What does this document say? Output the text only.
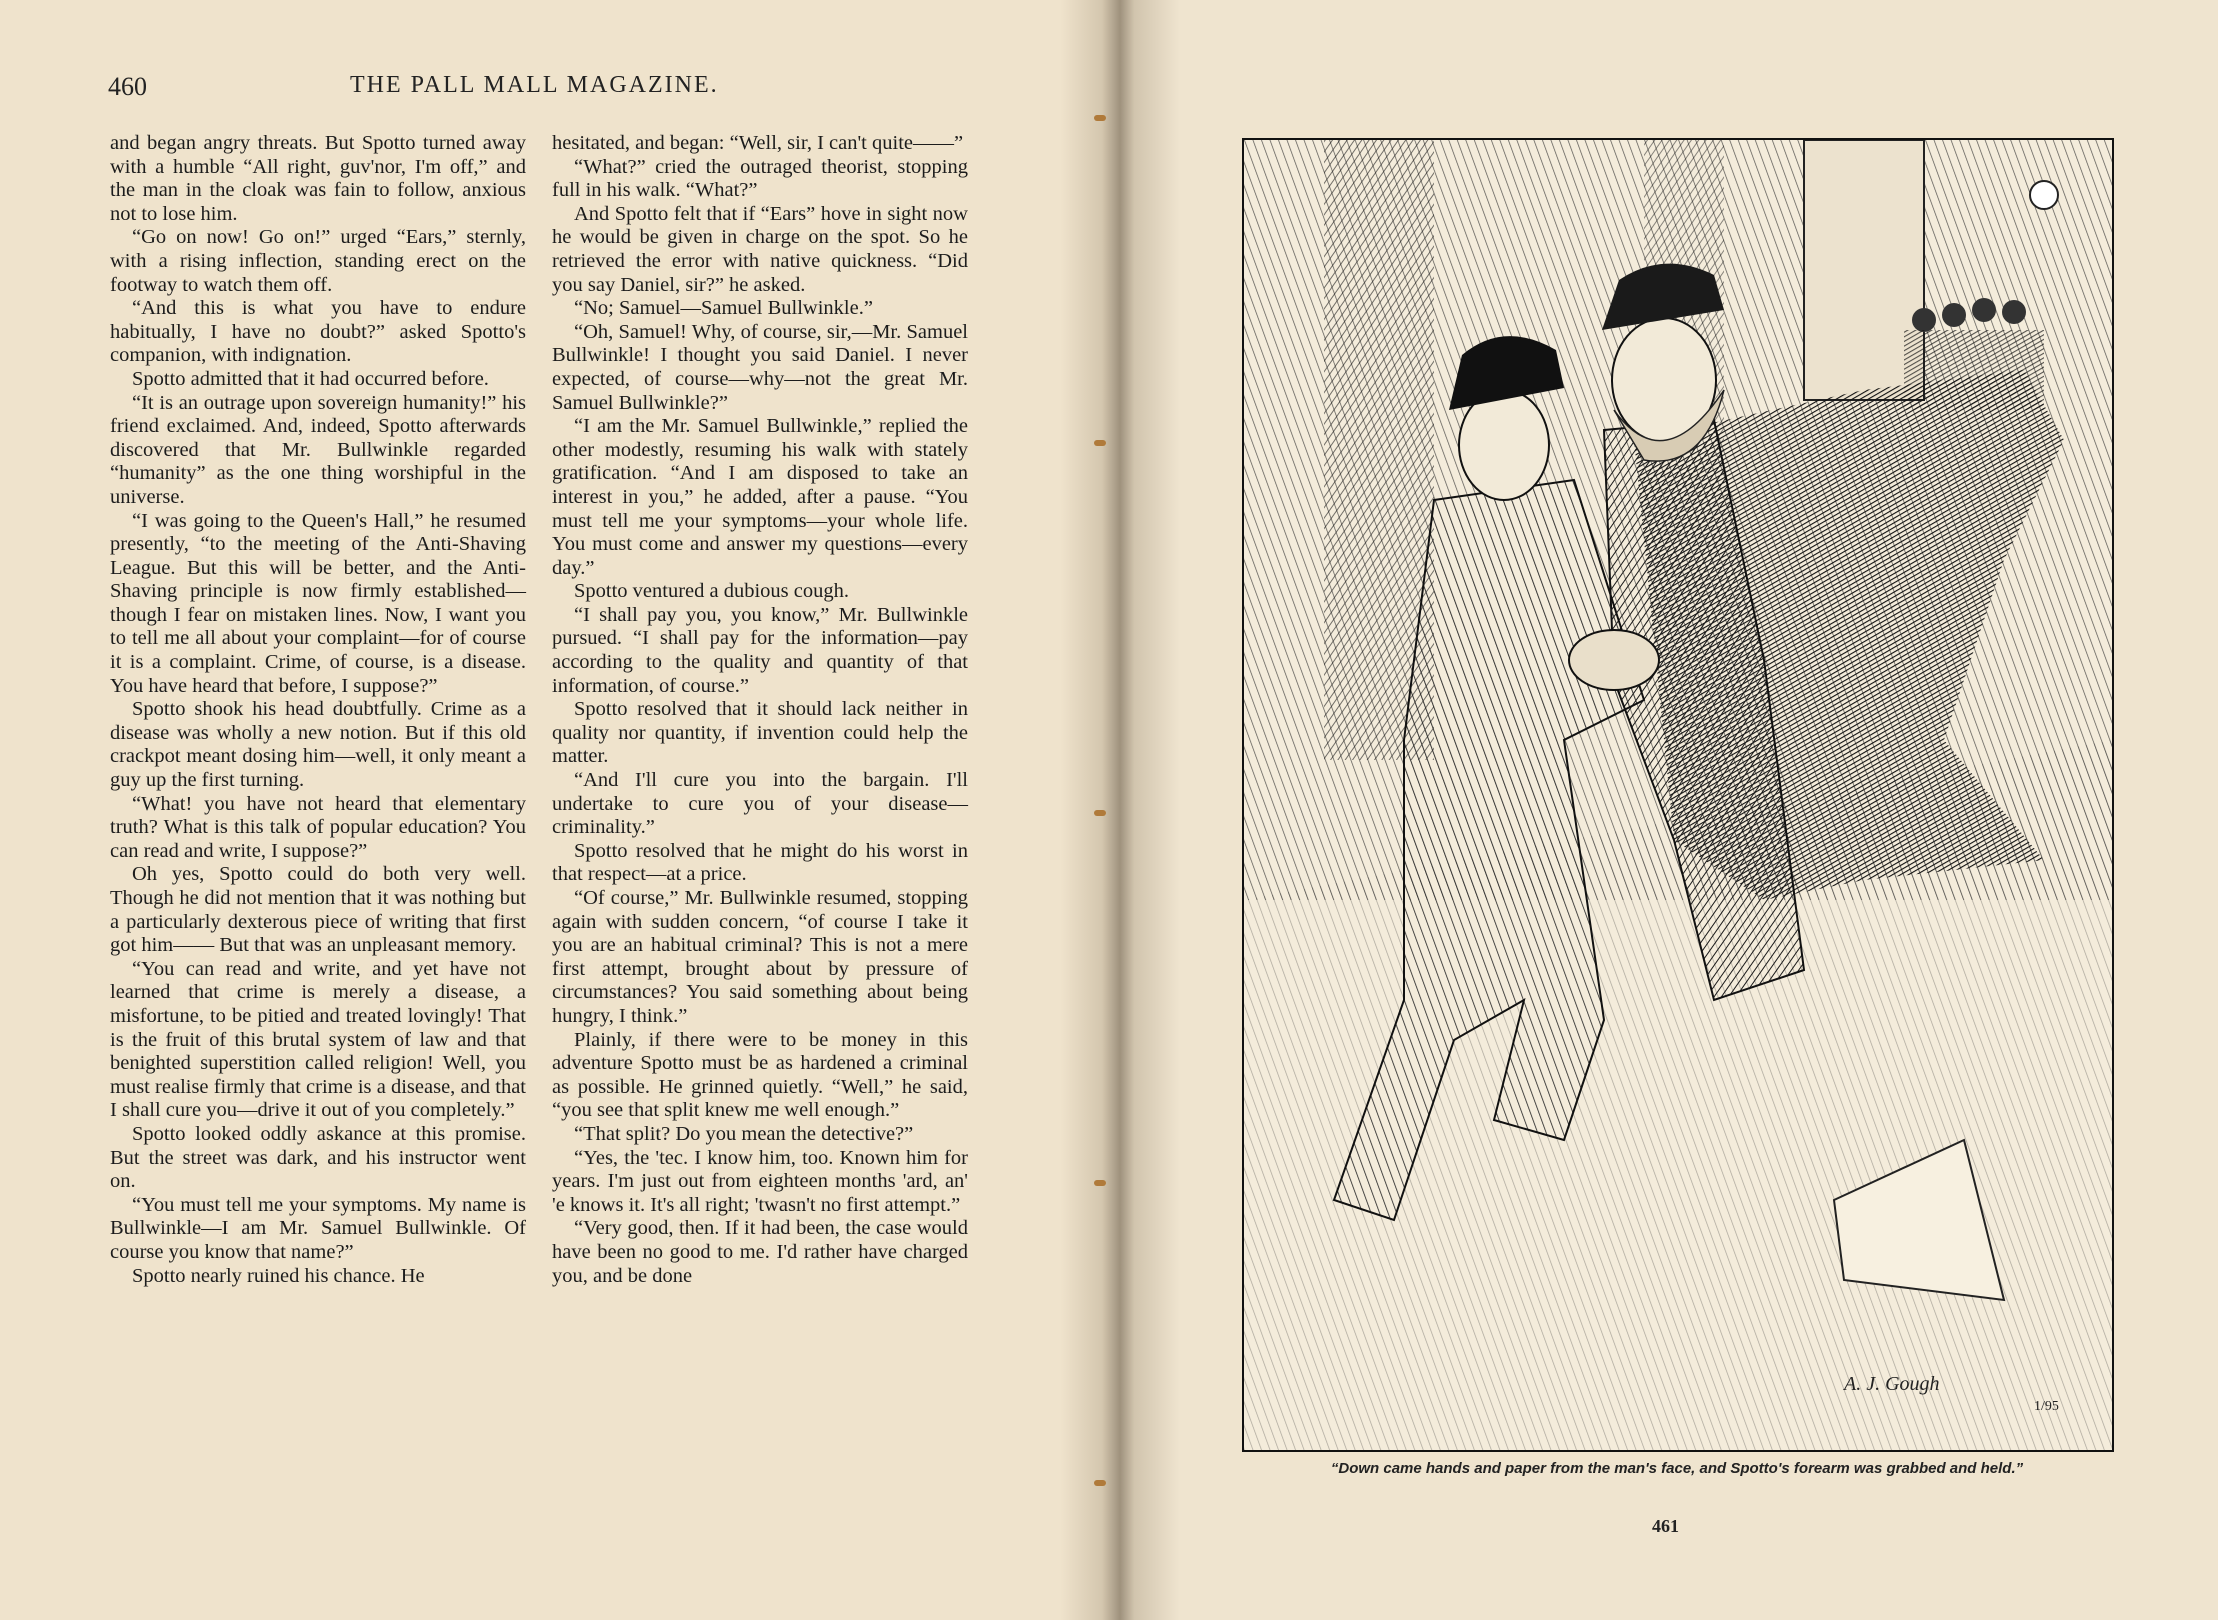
460	THE PALL MALL MAGAZINE.

and began angry threats. But Spotto turned away with a humble “All right, guv'nor, I'm off,” and the man in the cloak was fain to follow, anxious not to lose him.

“Go on now! Go on!” urged “Ears,” sternly, with a rising inflection, standing erect on the footway to watch them off.

“And this is what you have to endure habitually, I have no doubt?” asked Spotto's companion, with indignation.

Spotto admitted that it had occurred before.

“It is an outrage upon sovereign humanity!” his friend exclaimed. And, indeed, Spotto afterwards discovered that Mr. Bullwinkle regarded “humanity” as the one thing worshipful in the universe.

“I was going to the Queen's Hall,” he resumed presently, “to the meeting of the Anti-Shaving League. But this will be better, and the Anti-Shaving principle is now firmly established—though I fear on mistaken lines. Now, I want you to tell me all about your complaint—for of course it is a complaint. Crime, of course, is a disease. You have heard that before, I suppose?”

Spotto shook his head doubtfully. Crime as a disease was wholly a new notion. But if this old crackpot meant dosing him—well, it only meant a guy up the first turning.

“What! you have not heard that elementary truth? What is this talk of popular education? You can read and write, I suppose?”

Oh yes, Spotto could do both very well. Though he did not mention that it was nothing but a particularly dexterous piece of writing that first got him—— But that was an unpleasant memory.

“You can read and write, and yet have not learned that crime is merely a disease, a misfortune, to be pitied and treated lovingly! That is the fruit of this brutal system of law and that benighted superstition called religion! Well, you must realise firmly that crime is a disease, and that I shall cure you—drive it out of you completely.”

Spotto looked oddly askance at this promise. But the street was dark, and his instructor went on.

“You must tell me your symptoms. My name is Bullwinkle—I am Mr. Samuel Bullwinkle. Of course you know that name?”

Spotto nearly ruined his chance. He

hesitated, and began: “Well, sir, I can't quite——”

“What?” cried the outraged theorist, stopping full in his walk. “What?”

And Spotto felt that if “Ears” hove in sight now he would be given in charge on the spot. So he retrieved the error with native quickness. “Did you say Daniel, sir?” he asked.

“No; Samuel—Samuel Bullwinkle.”

“Oh, Samuel! Why, of course, sir,—Mr. Samuel Bullwinkle! I thought you said Daniel. I never expected, of course—why—not the great Mr. Samuel Bullwinkle?”

“I am the Mr. Samuel Bullwinkle,” replied the other modestly, resuming his walk with stately gratification. “And I am disposed to take an interest in you,” he added, after a pause. “You must tell me your symptoms—your whole life. You must come and answer my questions—every day.”

Spotto ventured a dubious cough.

“I shall pay you, you know,” Mr. Bullwinkle pursued. “I shall pay for the information—pay according to the quality and quantity of that information, of course.”

Spotto resolved that it should lack neither in quality nor quantity, if invention could help the matter.

“And I'll cure you into the bargain. I'll undertake to cure you of your disease—criminality.”

Spotto resolved that he might do his worst in that respect—at a price.

“Of course,” Mr. Bullwinkle resumed, stopping again with sudden concern, “of course I take it you are an habitual criminal? This is not a mere first attempt, brought about by pressure of circumstances? You said something about being hungry, I think.”

Plainly, if there were to be money in this adventure Spotto must be as hardened a criminal as possible. He grinned quietly. “Well,” he said, “you see that split knew me well enough.”

“That split? Do you mean the detective?”

“Yes, the 'tec. I know him, too. Known him for years. I'm just out from eighteen months 'ard, an' 'e knows it. It's all right; 'twasn't no first attempt.”

“Very good, then. If it had been, the case would have been no good to me. I'd rather have charged you, and be done

A. J. Gough
1/95
“Down came hands and paper from the man's face, and Spotto's forearm was grabbed and held.”
461
